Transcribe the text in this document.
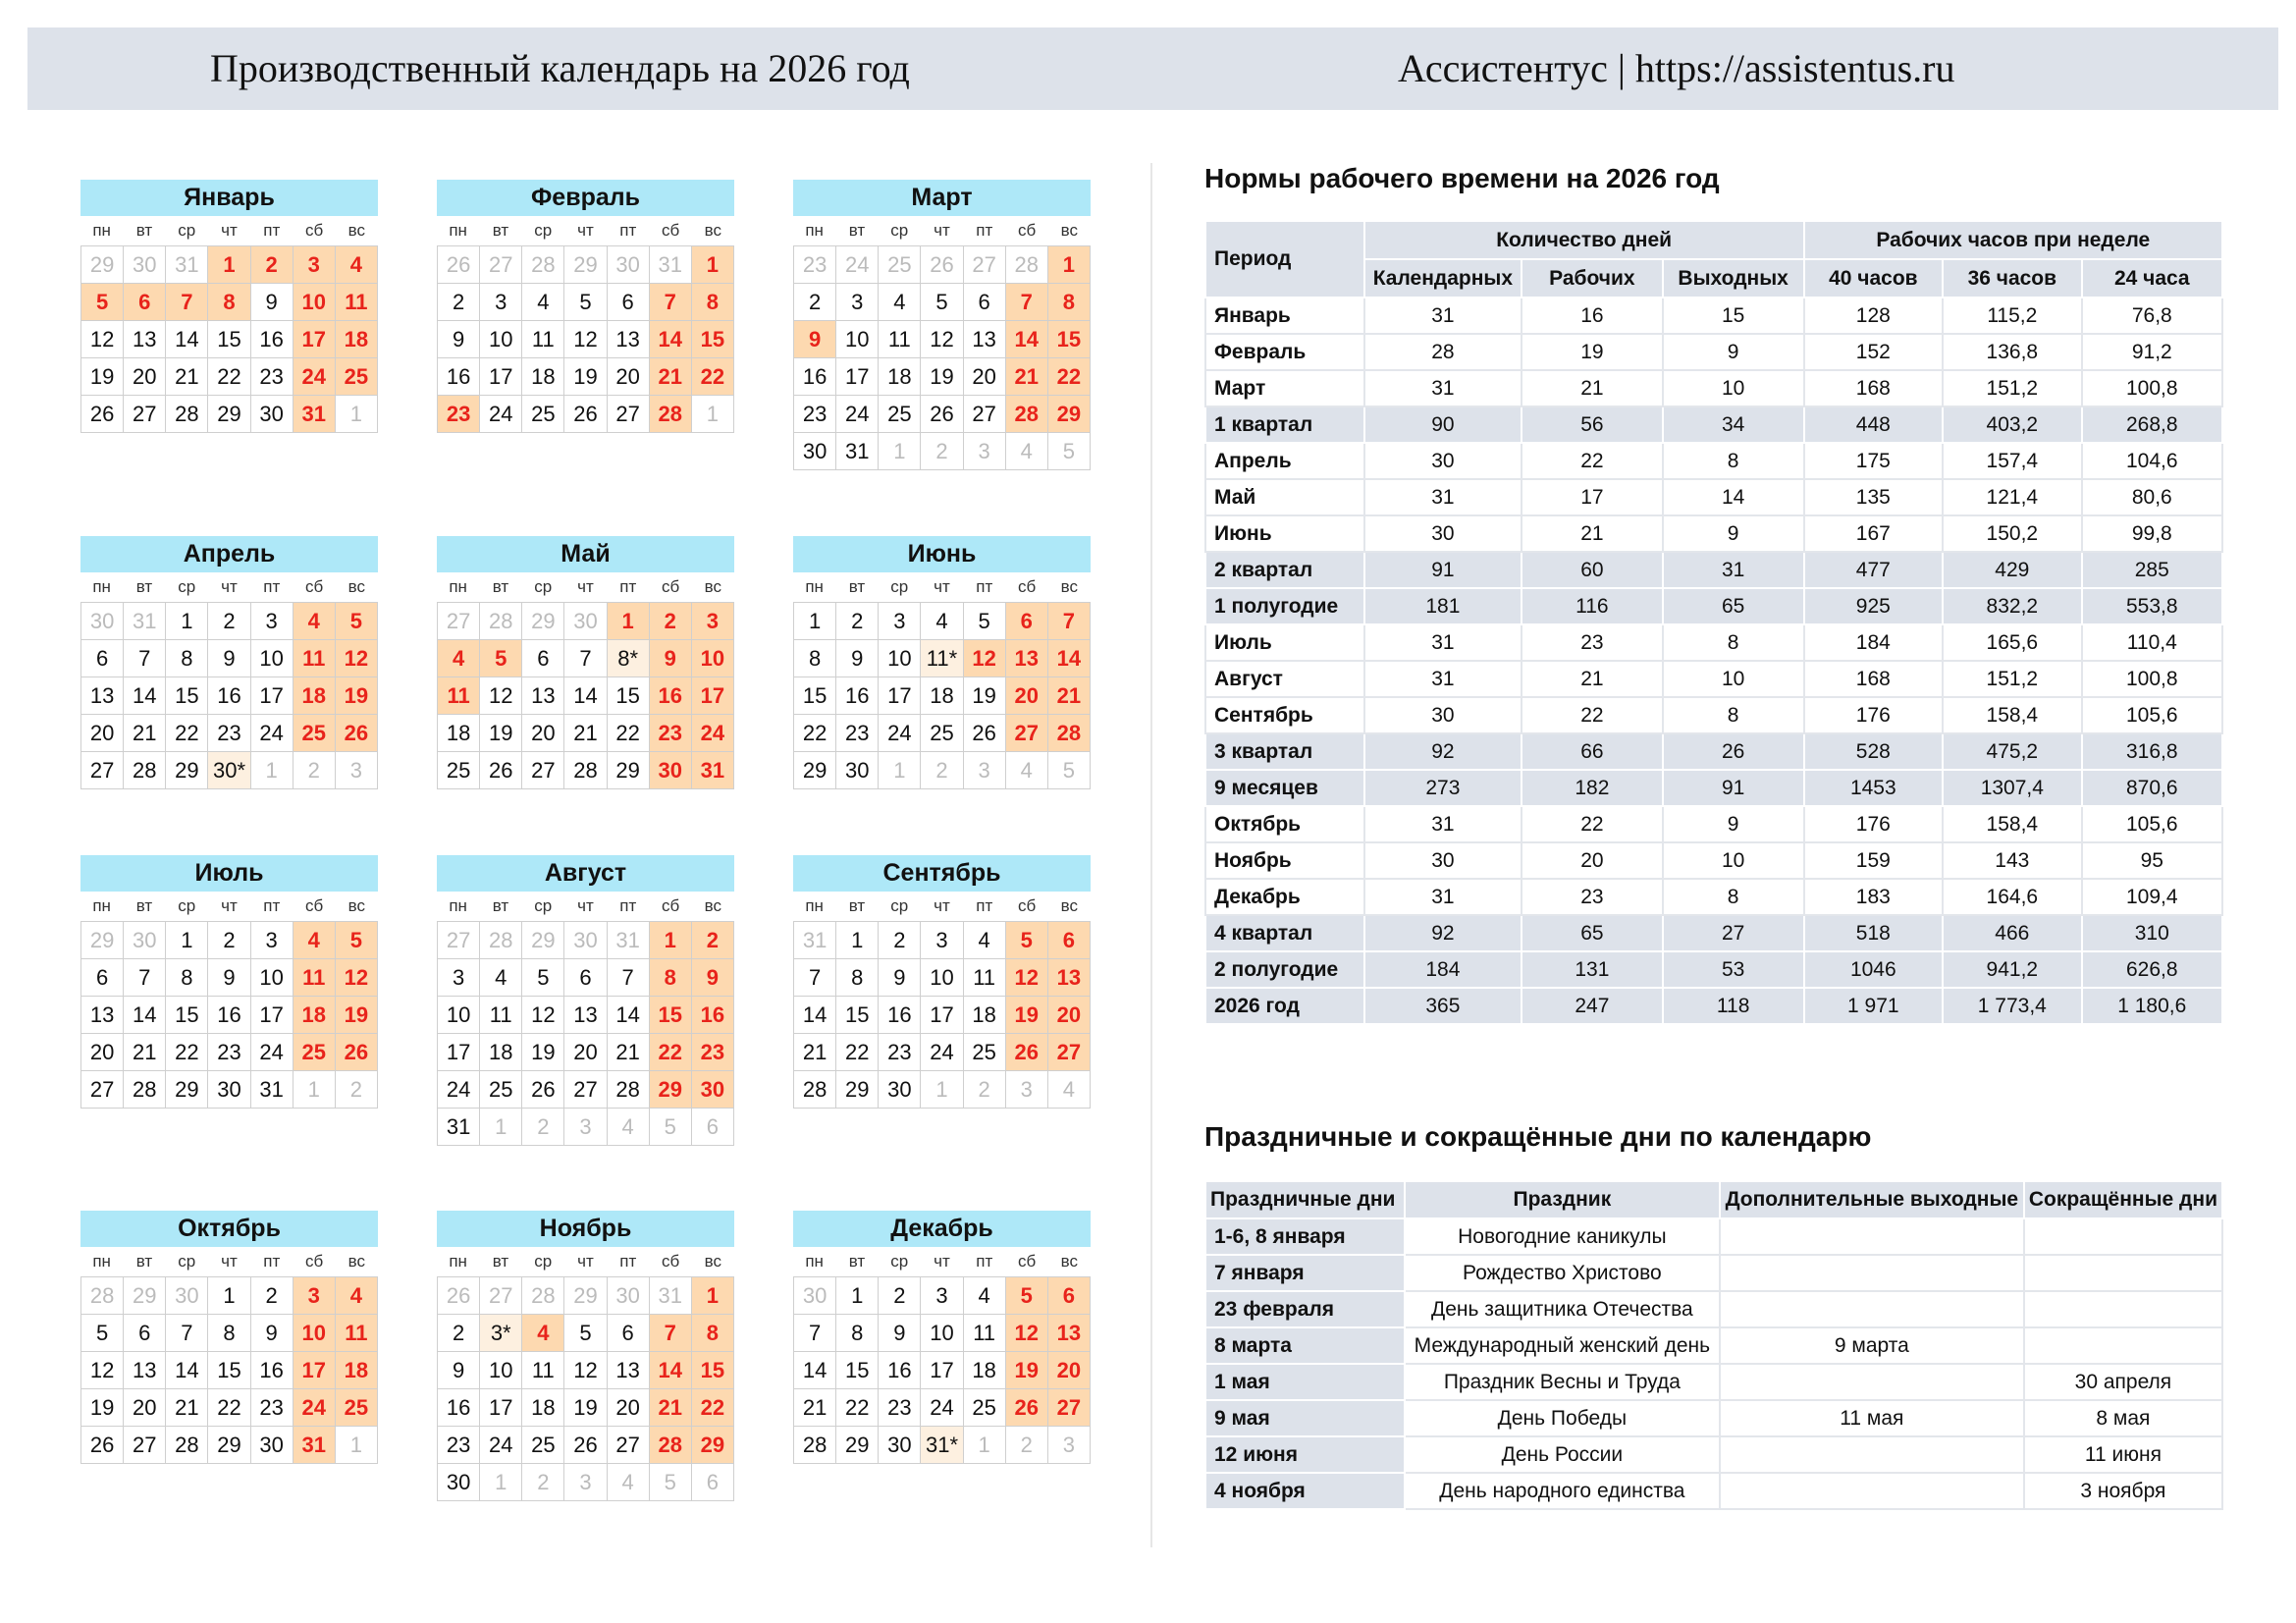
Производственный календарь на 2026 год	Ассистентус | https://assistentus.ru
Январь
пн	вт	ср	чт	пт	сб	вс
29 30 31	1	2	3	4
5	6	7	8	9	10 11
12 13 14 15 16 17 18
19 20 21 22 23 24 25
26 27 28 29 30 31	1
Февраль
пн	вт	ср	чт	пт	сб	вс
26 27 28 29 30 31	1
2	3	4	5	6	7	8
9	10 11 12 13 14 15
16 17 18 19 20 21 22
23 24 25 26 27 28	1
Март
пн	вт	ср	чт	пт	сб	вс
23 24 25 26 27 28	1
2	3	4	5	6	7	8
9	10 11 12 13 14 15
16 17 18 19 20 21 22
23 24 25 26 27 28 29
30 31	1	2	3	4	5
Апрель
пн	вт	ср	чт	пт	сб	вс
30 31	1	2	3	4	5
6	7	8	9	10 11 12
13 14 15 16 17 18 19
20 21 22 23 24 25 26
27 28 29 30* 1	2	3
Май
пн	вт	ср	чт	пт	сб	вс
27 28 29 30	1	2	3
4	5	6	7	8*	9	10
11 12 13 14 15 16 17
18 19 20 21 22 23 24
25 26 27 28 29 30 31
Июнь
пн	вт	ср	чт	пт	сб	вс
1	2	3	4	5	6	7
8	9	10 11* 12 13 14
15 16 17 18 19 20 21
22 23 24 25 26 27 28
29 30	1	2	3	4	5
Июль
пн	вт	ср	чт	пт	сб	вс
29 30	1	2	3	4	5
6	7	8	9	10 11 12
13 14 15 16 17 18 19
20 21 22 23 24 25 26
27 28 29 30 31	1	2
Август
пн	вт	ср	чт	пт	сб	вс
27 28 29 30 31	1	2
3	4	5	6	7	8	9
10 11 12 13 14 15 16
17 18 19 20 21 22 23
24 25 26 27 28 29 30
31	1	2	3	4	5	6
Сентябрь
пн	вт	ср	чт	пт	сб	вс
31	1	2	3	4	5	6
7	8	9	10 11 12 13
14 15 16 17 18 19 20
21 22 23 24 25 26 27
28 29 30	1	2	3	4
Октябрь
пн	вт	ср	чт	пт	сб	вс
28 29 30	1	2	3	4
5	6	7	8	9	10 11
12 13 14 15 16 17 18
19 20 21 22 23 24 25
26 27 28 29 30 31	1
Ноябрь
пн	вт	ср	чт	пт	сб	вс
26 27 28 29 30 31	1
2	3*	4	5	6	7	8
9	10 11 12 13 14 15
16 17 18 19 20 21 22
23 24 25 26 27 28 29
30	1	2	3	4	5	6
Декабрь
пн	вт	ср	чт	пт	сб	вс
30	1	2	3	4	5	6
7	8	9	10 11 12 13
14 15 16 17 18 19 20
21 22 23 24 25 26 27
28 29 30 31* 1	2	3
Нормы рабочего времени на 2026 год
Период	Количество дней			Рабочих часов при неделе		
	Календарных	Рабочих	Выходных	40 часов	36 часов	24 часа
Январь	31	16	15	128	115,2	76,8
Февраль	28	19	9	152	136,8	91,2
Март	31	21	10	168	151,2	100,8
1 квартал	90	56	34	448	403,2	268,8
Апрель	30	22	8	175	157,4	104,6
Май	31	17	14	135	121,4	80,6
Июнь	30	21	9	167	150,2	99,8
2 квартал	91	60	31	477	429	285
1 полугодие	181	116	65	925	832,2	553,8
Июль	31	23	8	184	165,6	110,4
Август	31	21	10	168	151,2	100,8
Сентябрь	30	22	8	176	158,4	105,6
3 квартал	92	66	26	528	475,2	316,8
9 месяцев	273	182	91	1453	1307,4	870,6
Октябрь	31	22	9	176	158,4	105,6
Ноябрь	30	20	10	159	143	95
Декабрь	31	23	8	183	164,6	109,4
4 квартал	92	65	27	518	466	310
2 полугодие	184	131	53	1046	941,2	626,8
2026 год	365	247	118	1 971	1 773,4	1 180,6
Праздничные и сокращённые дни по календарю
Праздничные дни	Праздник	Дополнительные выходные	Сокращённые дни
1-6, 8 января	Новогодние каникулы		
7 января	Рождество Христово		
23 февраля	День защитника Отечества		
8 марта	Международный женский день	9 марта	
1 мая	Праздник Весны и Труда		30 апреля
9 мая	День Победы	11 мая	8 мая
12 июня	День России		11 июня
4 ноября	День народного единства		3 ноября
